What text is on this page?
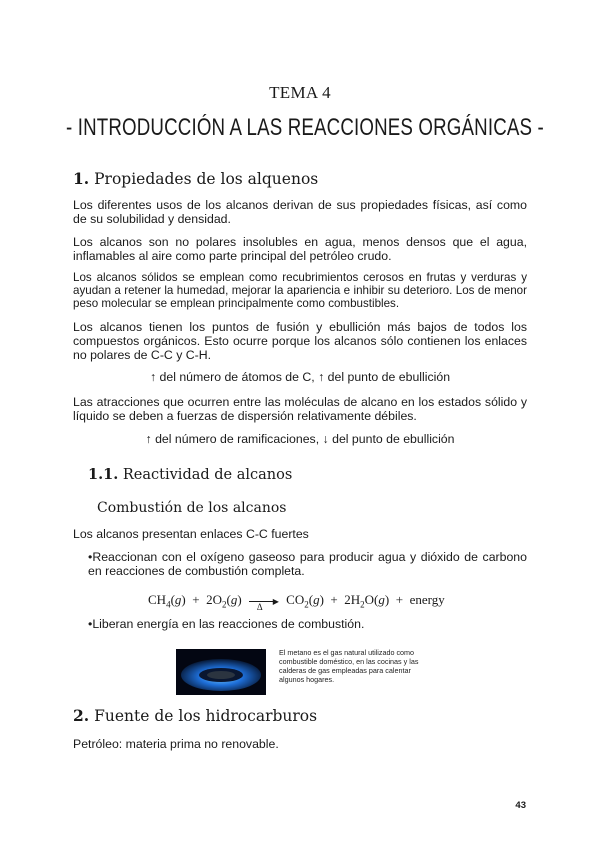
TEMA 4
- INTRODUCCIÓN A LAS REACCIONES ORGÁNICAS -
1. Propiedades de los alquenos
Los diferentes usos de los alcanos derivan de sus propiedades físicas, así como de su solubilidad y densidad.
Los alcanos son no polares insolubles en agua, menos densos que el agua, inflamables al aire como parte principal del petróleo crudo.
Los alcanos sólidos se emplean como recubrimientos cerosos en frutas y verduras y ayudan a retener la humedad, mejorar la apariencia e inhibir su deterioro. Los de menor peso molecular se emplean principalmente como combustibles.
Los alcanos tienen los puntos de fusión y ebullición más bajos de todos los compuestos orgánicos. Esto ocurre porque los alcanos sólo contienen los enlaces no polares de C-C y C-H.
↑ del número de átomos de C, ↑ del punto de ebullición
Las atracciones que ocurren entre las moléculas de alcano en los estados sólido y líquido se deben a fuerzas de dispersión relativamente débiles.
↑ del número de ramificaciones, ↓ del punto de ebullición
1.1. Reactividad de alcanos
Combustión de los alcanos
Los alcanos presentan enlaces C-C fuertes
•Reaccionan con el oxígeno gaseoso para producir agua y dióxido de carbono en reacciones de combustión completa.
$CH_4(g) + 2O_2(g)$	▶
Δ
$CO_2(g) + 2H_2O(g)$  + energy
•Liberan energía en las reacciones de combustión.
El metano es el gas natural utilizado como combustible doméstico, en las cocinas y las calderas de gas empleadas para calentar algunos hogares.
2. Fuente de los hidrocarburos
Petróleo: materia prima no renovable.
43
